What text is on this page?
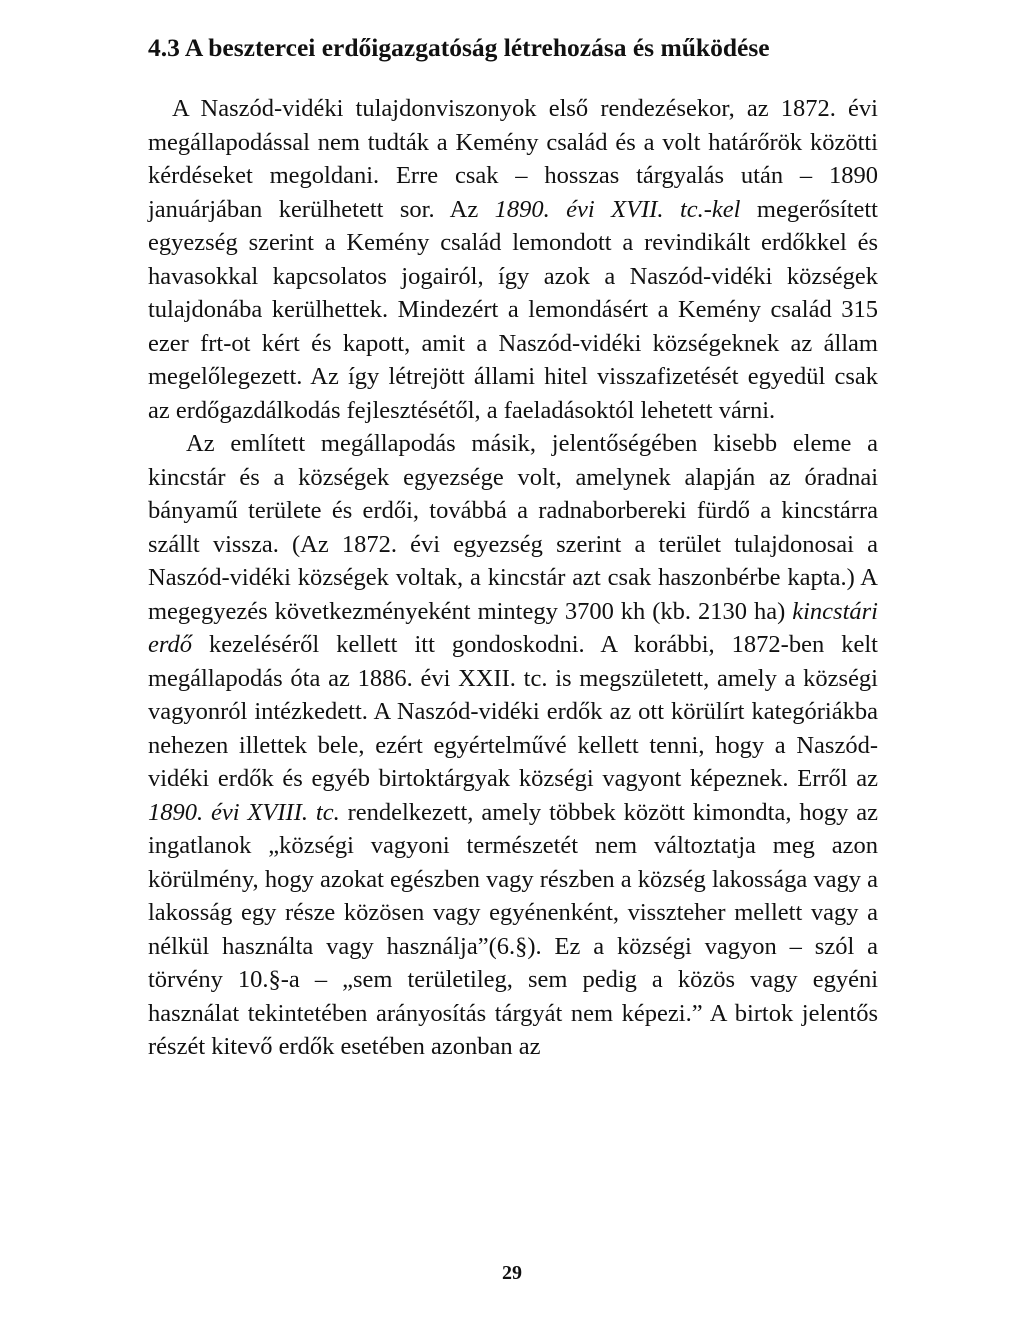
4.3 A besztercei erdőigazgatóság létrehozása és működése

A Naszód-vidéki tulajdonviszonyok első rendezésekor, az 1872. évi megállapodással nem tudták a Kemény család és a volt határőrök közötti kérdéseket megoldani. Erre csak – hosszas tárgyalás után – 1890 januárjában kerülhetett sor. Az 1890. évi XVII. tc.-kel megerősített egyezség szerint a Kemény család lemondott a revindikált erdőkkel és havasokkal kapcsolatos jogairól, így azok a Naszód-vidéki községek tulajdonába kerülhettek. Mindezért a lemondásért a Kemény család 315 ezer frt-ot kért és kapott, amit a Naszód-vidéki községeknek az állam megelőlegezett. Az így létrejött állami hitel visszafizetését egyedül csak az erdőgazdálkodás fejlesztésétől, a faeladásoktól lehetett várni.

Az említett megállapodás másik, jelentőségében kisebb eleme a kincstár és a községek egyezsége volt, amelynek alapján az óradnai bányamű területe és erdői, továbbá a radnaborbereki fürdő a kincstárra szállt vissza. (Az 1872. évi egyezség szerint a terület tulajdonosai a Naszód-vidéki községek voltak, a kincstár azt csak haszonbérbe kapta.) A megegyezés következményeként mintegy 3700 kh (kb. 2130 ha) kincstári erdő kezeléséről kellett itt gondoskodni. A korábbi, 1872-ben kelt megállapodás óta az 1886. évi XXII. tc. is megszületett, amely a községi vagyonról intézkedett. A Naszód-vidéki erdők az ott körülírt kategóriákba nehezen illettek bele, ezért egyértelművé kellett tenni, hogy a Naszód-vidéki erdők és egyéb birtoktárgyak községi vagyont képeznek. Erről az 1890. évi XVIII. tc. rendelkezett, amely többek között kimondta, hogy az ingatlanok „községi vagyoni természetét nem változtatja meg azon körülmény, hogy azokat egészben vagy részben a község lakossága vagy a lakosság egy része közösen vagy egyénenként, visszteher mellett vagy a nélkül használta vagy használja”(6.§). Ez a községi vagyon – szól a törvény 10.§-a – „sem területileg, sem pedig a közös vagy egyéni használat tekintetében arányosítás tárgyát nem képezi.” A birtok jelentős részét kitevő erdők esetében azonban az

29
